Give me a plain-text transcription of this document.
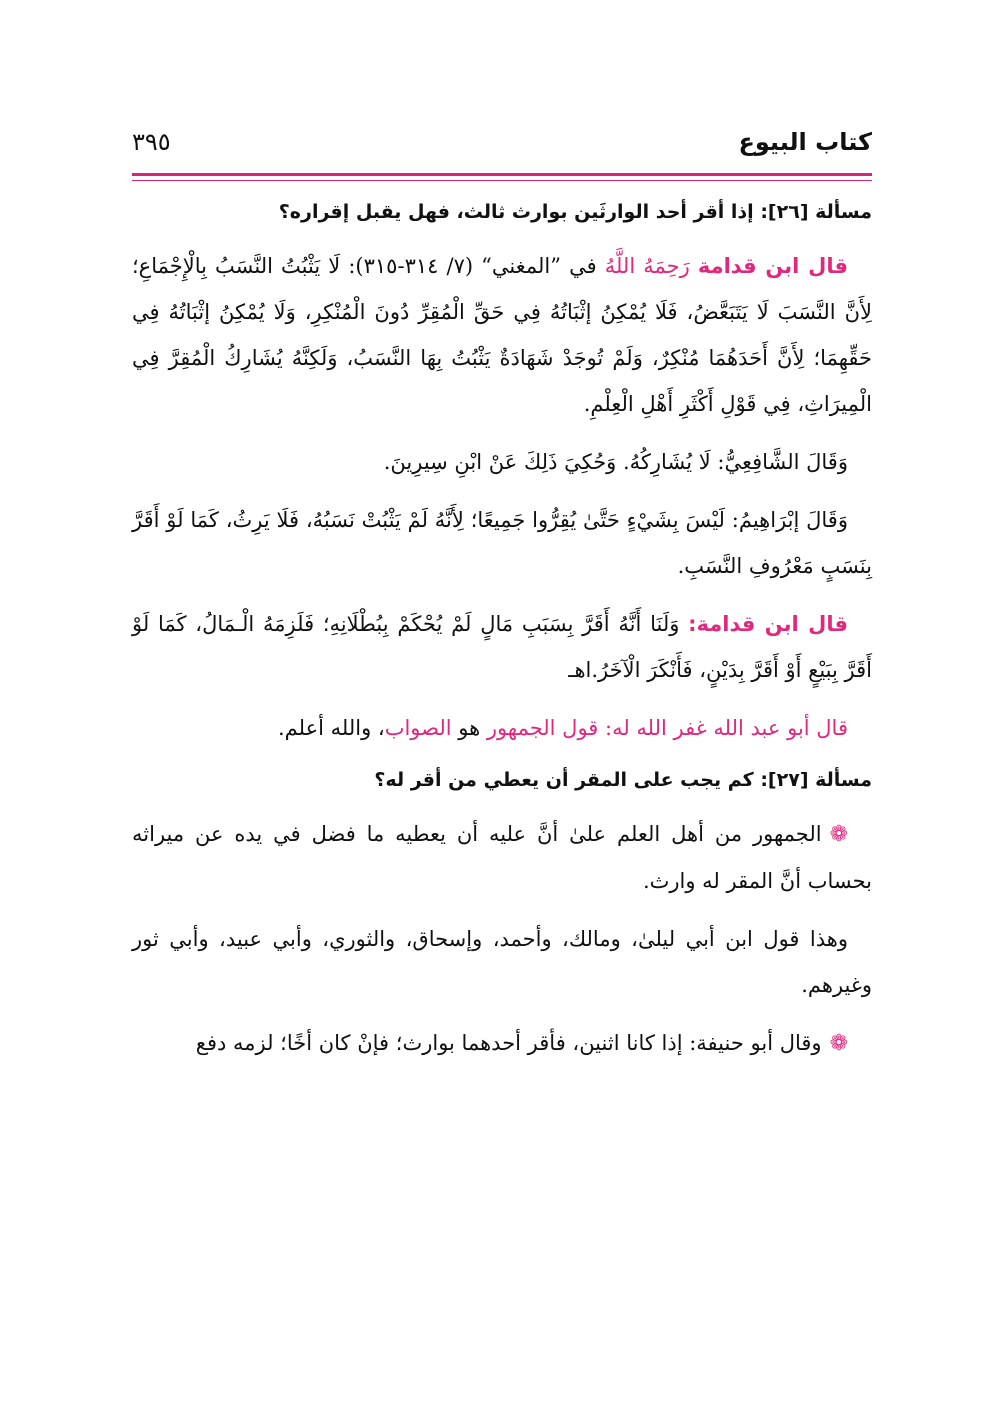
كتاب البيوع
٣٩٥
مسألة [٢٦]: إذا أقر أحد الوارثَين بوارث ثالث، فهل يقبل إقراره؟

قال ابن قدامة رَحِمَهُ اللَّهُ في ”المغني“ (٧/ ٣١٤-٣١٥): لَا يَثْبُتُ النَّسَبُ بِالْإِجْمَاعِ؛ لِأَنَّ النَّسَبَ لَا يَتَبَعَّضُ، فَلَا يُمْكِنُ إثْبَاتُهُ فِي حَقِّ الْمُقِرِّ دُونَ الْمُنْكِرِ، وَلَا يُمْكِنُ إثْبَاتُهُ فِي حَقِّهِمَا؛ لِأَنَّ أَحَدَهُمَا مُنْكِرٌ، وَلَمْ تُوجَدْ شَهَادَةٌ يَثْبُتُ بِهَا النَّسَبُ، وَلَكِنَّهُ يُشَارِكُ الْمُقِرَّ فِي الْمِيرَاثِ، فِي قَوْلِ أَكْثَرِ أَهْلِ الْعِلْمِ.

وَقَالَ الشَّافِعِيُّ: لَا يُشَارِكُهُ. وَحُكِيَ ذَلِكَ عَنْ ابْنِ سِيرِينَ.

وَقَالَ إبْرَاهِيمُ: لَيْسَ بِشَيْءٍ حَتَّىٰ يُقِرُّوا جَمِيعًا؛ لِأَنَّهُ لَمْ يَثْبُتْ نَسَبُهُ، فَلَا يَرِثُ، كَمَا لَوْ أَقَرَّ بِنَسَبٍ مَعْرُوفِ النَّسَبِ.

قال ابن قدامة: وَلَنَا أَنَّهُ أَقَرَّ بِسَبَبِ مَالٍ لَمْ يُحْكَمْ بِبُطْلَانِهِ؛ فَلَزِمَهُ الْـمَالُ، كَمَا لَوْ أَقَرَّ بِبَيْعٍ أَوْ أَقَرَّ بِدَيْنٍ، فَأَنْكَرَ الْآخَرُ.اهـ

قال أبو عبد الله غفر الله له: قول الجمهور هو الصواب، والله أعلم.

مسألة [٢٧]: كم يجب على المقر أن يعطي من أقر له؟

❁الجمهور من أهل العلم علىٰ أنَّ عليه أن يعطيه ما فضل في يده عن ميراثه بحساب أنَّ المقر له وارث.

وهذا قول ابن أبي ليلىٰ، ومالك، وأحمد، وإسحاق، والثوري، وأبي عبيد، وأبي ثور وغيرهم.

❁وقال أبو حنيفة: إذا كانا اثنين، فأقر أحدهما بوارث؛ فإنْ كان أخًا؛ لزمه دفع
